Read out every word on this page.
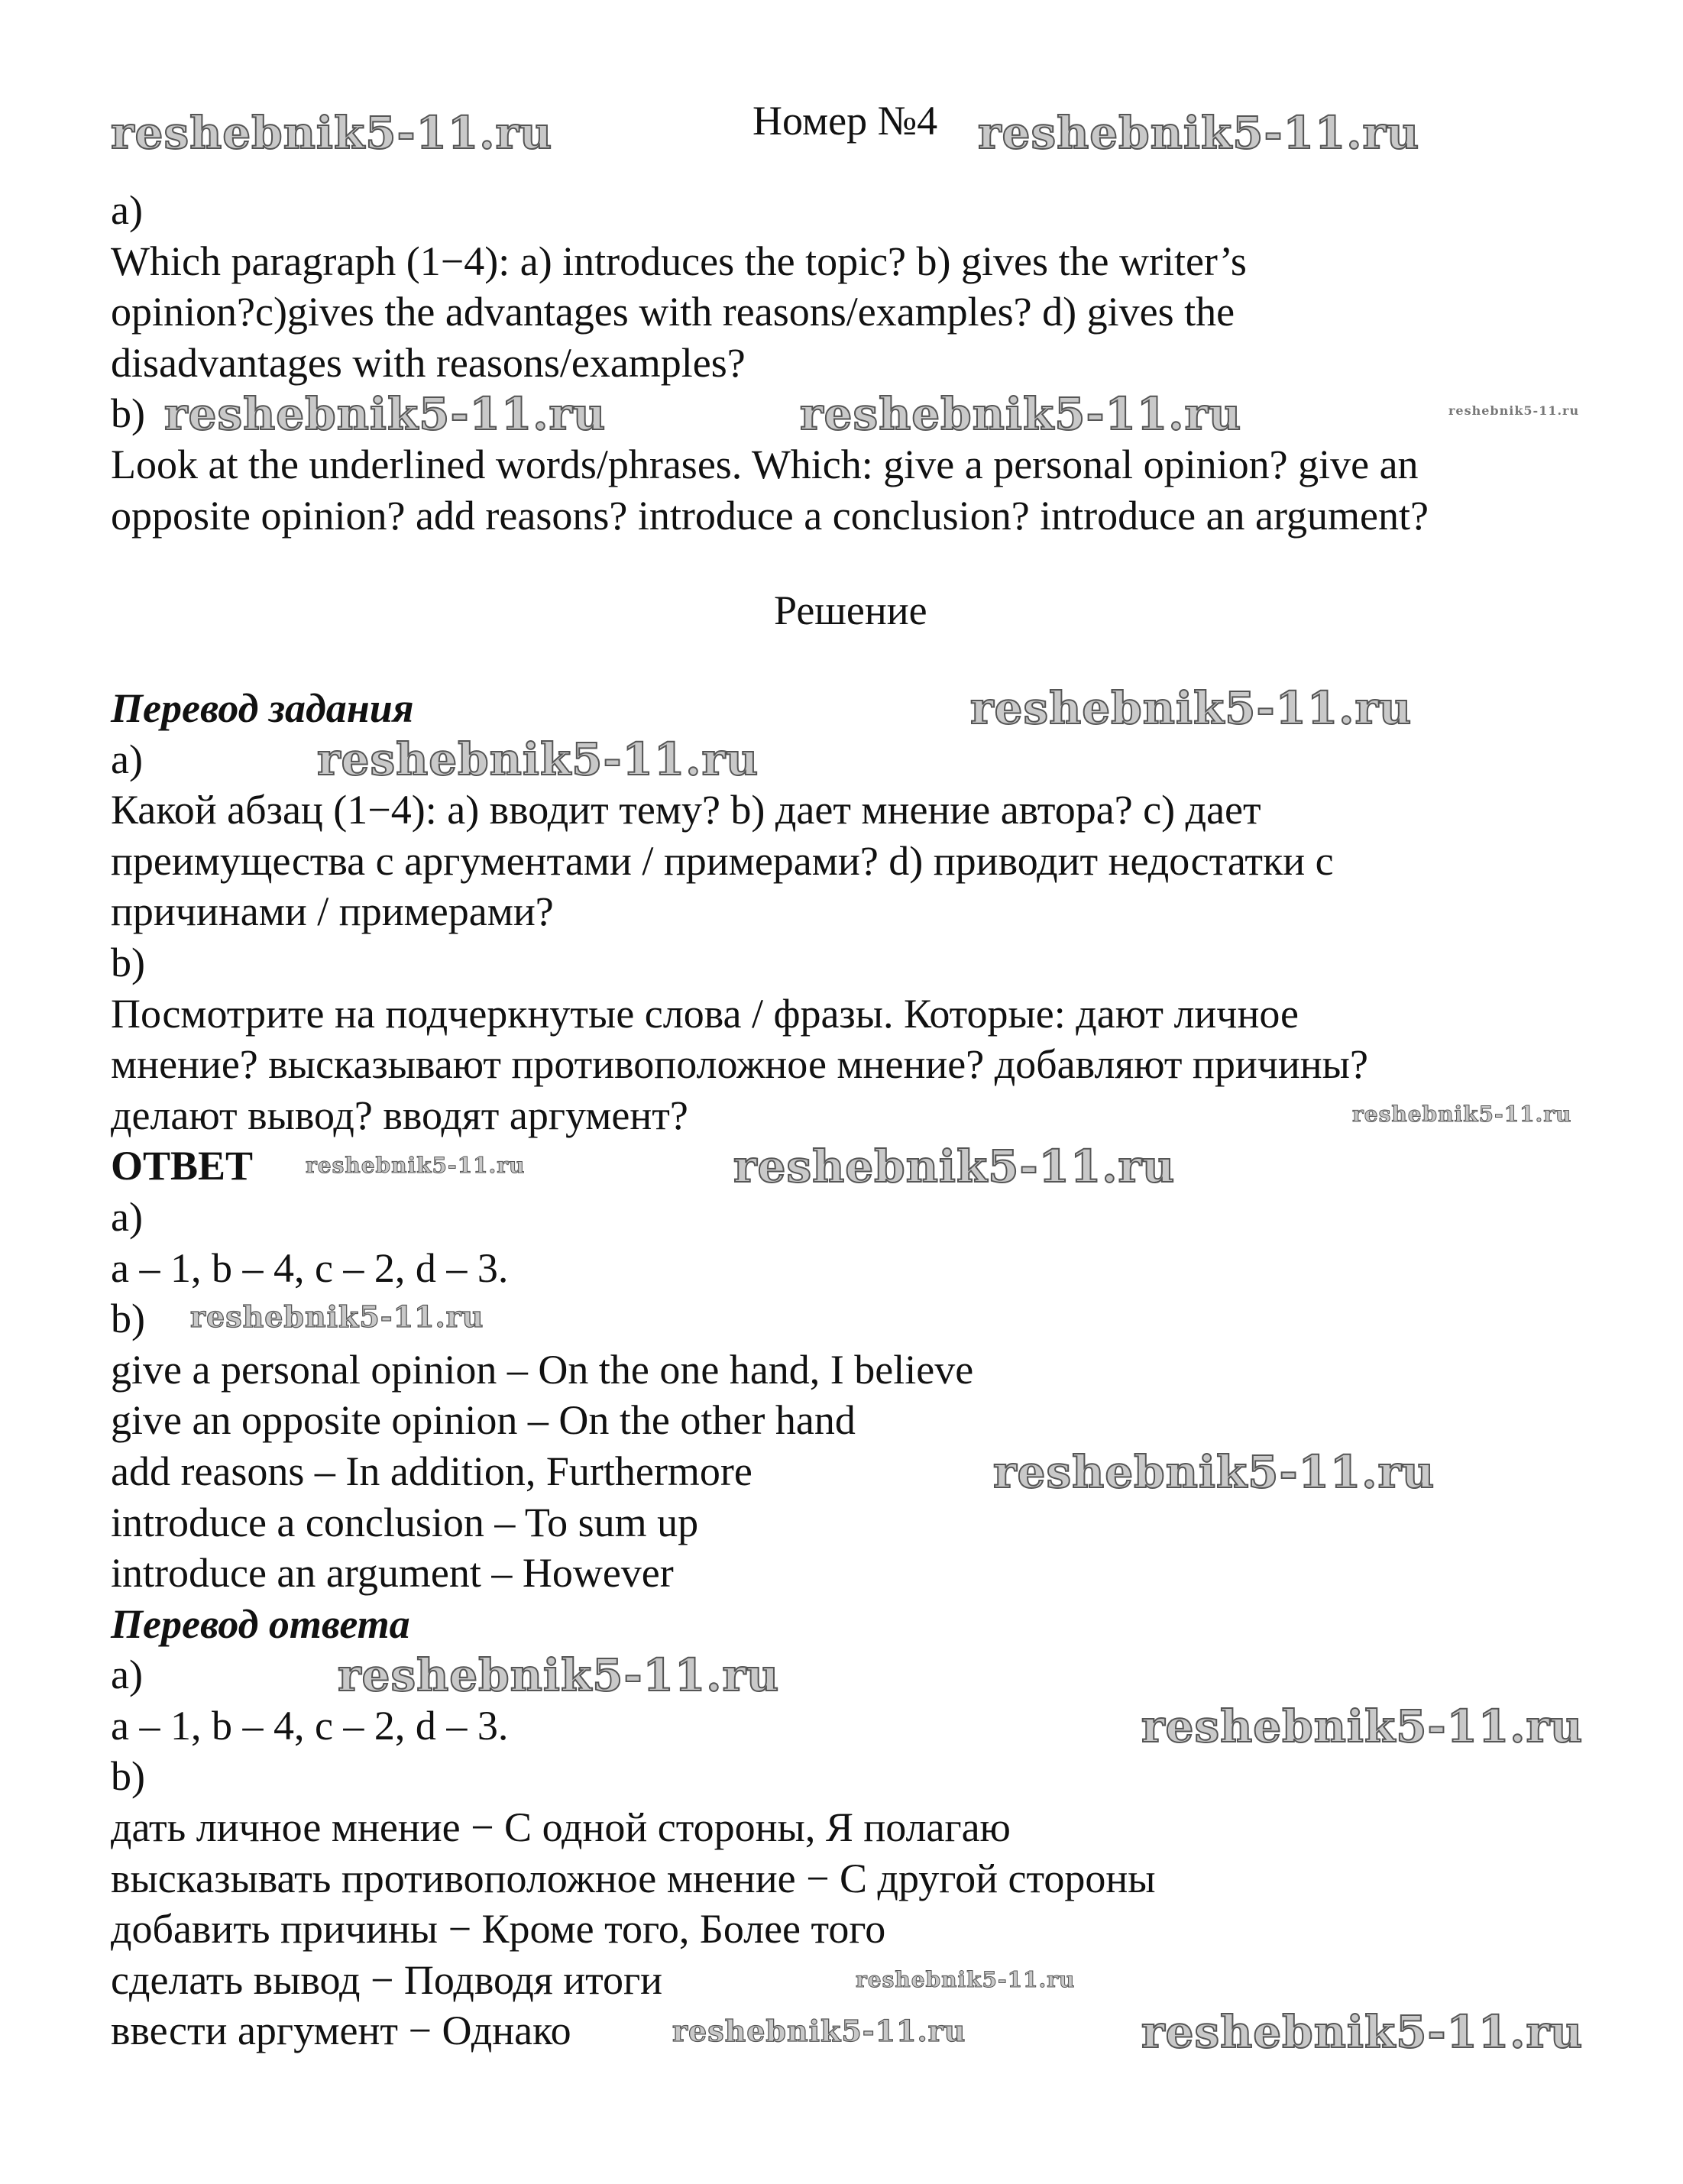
Номер №4
a)
Which paragraph (1−4): a) introduces the topic? b) gives the writer’s
opinion?c)gives the advantages with reasons/examples? d) gives the
disadvantages with reasons/examples?
b)
Look at the underlined words/phrases. Which: give a personal opinion? give an
opposite opinion? add reasons? introduce a conclusion? introduce an argument?
Решение
Перевод задания
a)
Какой абзац (1−4): a) вводит тему? b) дает мнение автора? c) дает
преимущества с аргументами / примерами? d) приводит недостатки с
причинами / примерами?
b)
Посмотрите на подчеркнутые слова / фразы. Которые: дают личное
мнение? высказывают противоположное мнение? добавляют причины?
делают вывод? вводят аргумент?
ОТВЕТ
a)
a – 1, b – 4, c – 2, d – 3.
b)
give a personal opinion – On the one hand, I believe
give an opposite opinion – On the other hand
add reasons – In addition, Furthermore
introduce a conclusion – To sum up
introduce an argument – However
Перевод ответа
a)
a – 1, b – 4, c – 2, d – 3.
b)
дать личное мнение − С одной стороны, Я полагаю
высказывать противоположное мнение − С другой стороны
добавить причины − Кроме того, Более того
сделать вывод − Подводя итоги
ввести аргумент − Однако
reshebnik5-11.ru	reshebnik5-11.ru
reshebnik5-11.ru	reshebnik5-11.ru	reshebnik5-11.ru
reshebnik5-11.ru
reshebnik5-11.ru
reshebnik5-11.ru
reshebnik5-11.ru	reshebnik5-11.ru
reshebnik5-11.ru
reshebnik5-11.ru
reshebnik5-11.ru
reshebnik5-11.ru
reshebnik5-11.ru
reshebnik5-11.ru	reshebnik5-11.ru
